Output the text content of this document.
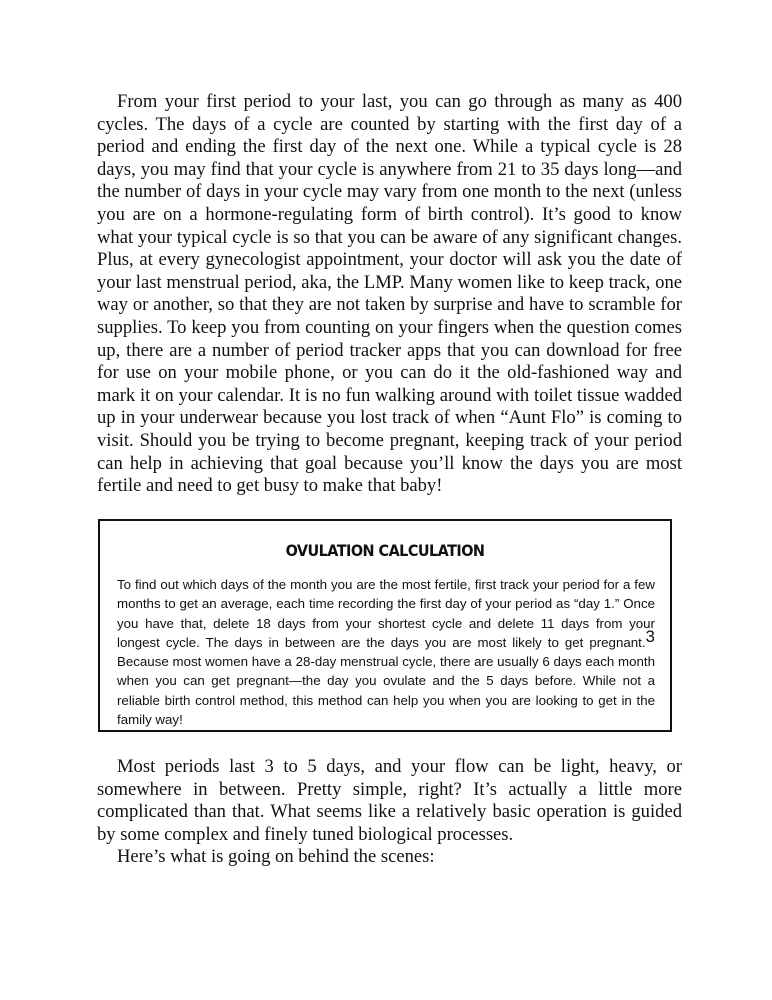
From your first period to your last, you can go through as many as 400 cycles. The days of a cycle are counted by starting with the first day of a period and ending the first day of the next one. While a typical cycle is 28 days, you may find that your cycle is anywhere from 21 to 35 days long—and the number of days in your cycle may vary from one month to the next (unless you are on a hormone-regulating form of birth control). It’s good to know what your typical cycle is so that you can be aware of any significant changes. Plus, at every gynecologist appointment, your doctor will ask you the date of your last menstrual period, aka, the LMP. Many women like to keep track, one way or another, so that they are not taken by surprise and have to scramble for supplies. To keep you from counting on your fingers when the question comes up, there are a number of period tracker apps that you can download for free for use on your mobile phone, or you can do it the old-fashioned way and mark it on your calendar. It is no fun walking around with toilet tissue wadded up in your underwear because you lost track of when “Aunt Flo” is coming to visit. Should you be trying to become pregnant, keeping track of your period can help in achieving that goal because you’ll know the days you are most fertile and need to get busy to make that baby!

OVULATION CALCULATION

To find out which days of the month you are the most fertile, first track your period for a few months to get an average, each time recording the first day of your period as “day 1.” Once you have that, delete 18 days from your shortest cycle and delete 11 days from your longest cycle. The days in between are the days you are most likely to get pregnant.3 Because most women have a 28-day menstrual cycle, there are usually 6 days each month when you can get pregnant—the day you ovulate and the 5 days before. While not a reliable birth control method, this method can help you when you are looking to get in the family way!

Most periods last 3 to 5 days, and your flow can be light, heavy, or somewhere in between. Pretty simple, right? It’s actually a little more complicated than that. What seems like a relatively basic operation is guided by some complex and finely tuned biological processes.

Here’s what is going on behind the scenes:
